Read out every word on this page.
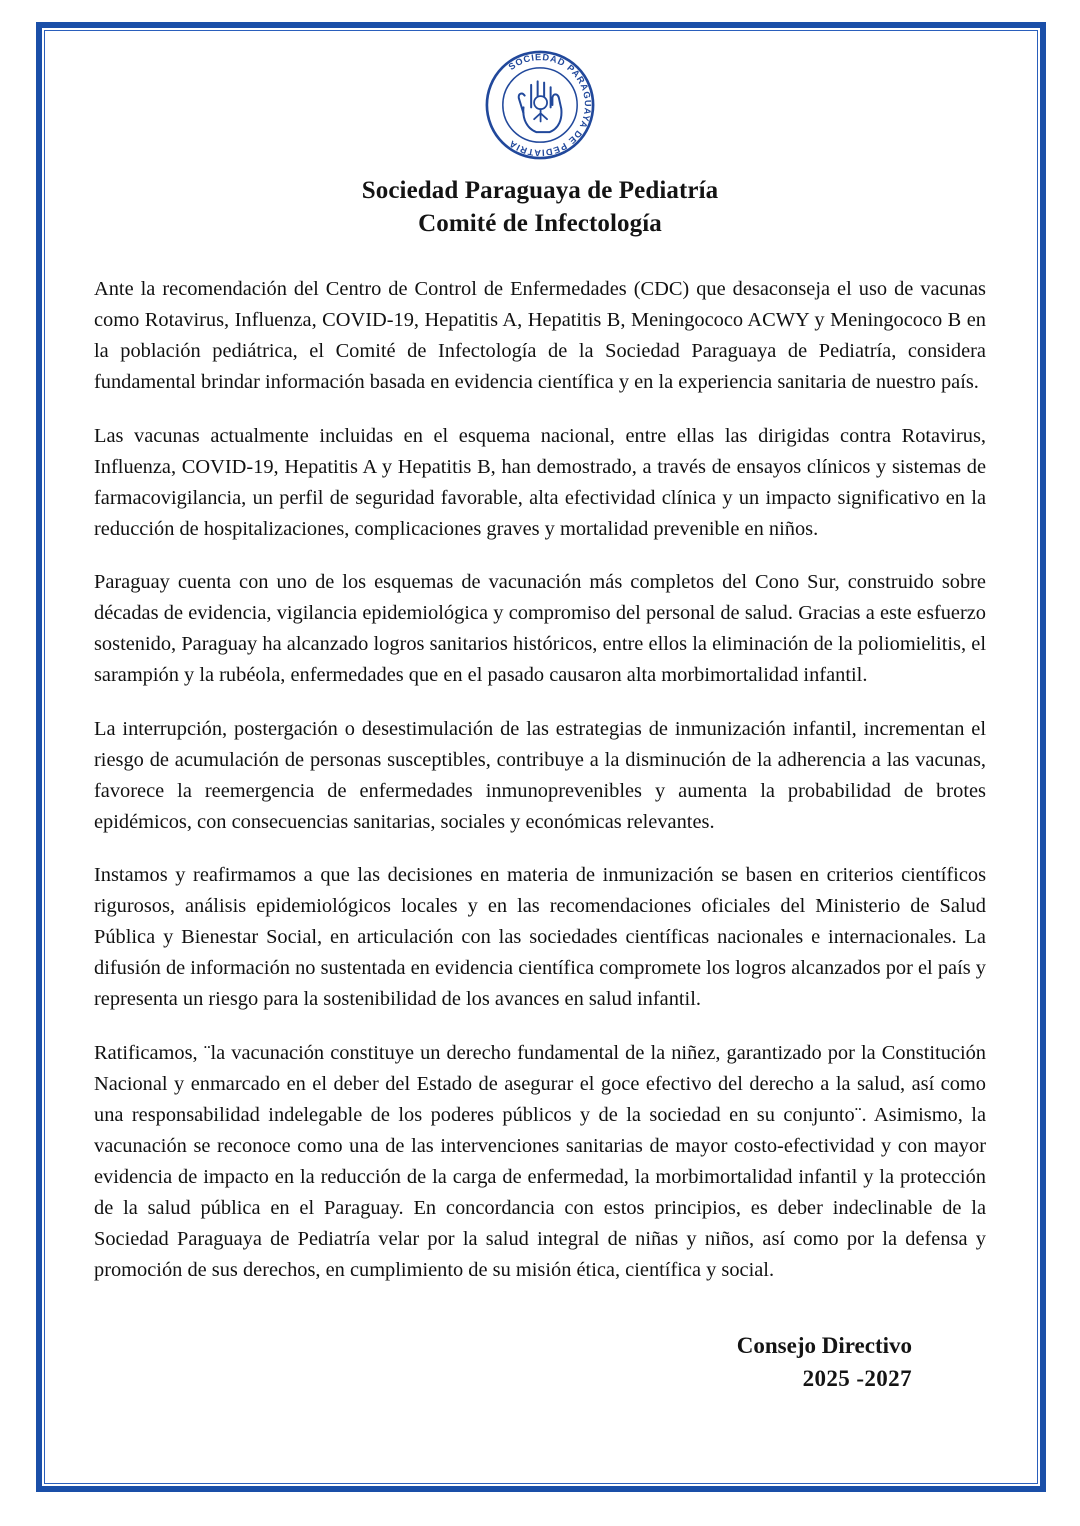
SOCIEDAD PARAGUAYA DE PEDIATRIA
Sociedad Paraguaya de Pediatría
Comité de Infectología

Ante la recomendación del Centro de Control de Enfermedades (CDC) que desaconseja el uso de vacunas como Rotavirus, Influenza, COVID-19, Hepatitis A, Hepatitis B, Meningococo ACWY y Meningococo B en la población pediátrica, el Comité de Infectología de la Sociedad Paraguaya de Pediatría, considera fundamental brindar información basada en evidencia científica y en la experiencia sanitaria de nuestro país.

Las vacunas actualmente incluidas en el esquema nacional, entre ellas las dirigidas contra Rotavirus, Influenza, COVID-19, Hepatitis A y Hepatitis B, han demostrado, a través de ensayos clínicos y sistemas de farmacovigilancia, un perfil de seguridad favorable, alta efectividad clínica y un impacto significativo en la reducción de hospitalizaciones, complicaciones graves y mortalidad prevenible en niños.

Paraguay cuenta con uno de los esquemas de vacunación más completos del Cono Sur, construido sobre décadas de evidencia, vigilancia epidemiológica y compromiso del personal de salud. Gracias a este esfuerzo sostenido, Paraguay ha alcanzado logros sanitarios históricos, entre ellos la eliminación de la poliomielitis, el sarampión y la rubéola, enfermedades que en el pasado causaron alta morbimortalidad infantil.

La interrupción, postergación o desestimulación de las estrategias de inmunización infantil, incrementan el riesgo de acumulación de personas susceptibles, contribuye a la disminución de la adherencia a las vacunas, favorece la reemergencia de enfermedades inmunoprevenibles y aumenta la probabilidad de brotes epidémicos, con consecuencias sanitarias, sociales y económicas relevantes.

Instamos y reafirmamos a que las decisiones en materia de inmunización se basen en criterios científicos rigurosos, análisis epidemiológicos locales y en las recomendaciones oficiales del Ministerio de Salud Pública y Bienestar Social, en articulación con las sociedades científicas nacionales e internacionales. La difusión de información no sustentada en evidencia científica compromete los logros alcanzados por el país y representa un riesgo para la sostenibilidad de los avances en salud infantil.

Ratificamos, ¨la vacunación constituye un derecho fundamental de la niñez, garantizado por la Constitución Nacional y enmarcado en el deber del Estado de asegurar el goce efectivo del derecho a la salud, así como una responsabilidad indelegable de los poderes públicos y de la sociedad en su conjunto¨. Asimismo, la vacunación se reconoce como una de las intervenciones sanitarias de mayor costo-efectividad y con mayor evidencia de impacto en la reducción de la carga de enfermedad, la morbimortalidad infantil y la protección de la salud pública en el Paraguay. En concordancia con estos principios, es deber indeclinable de la Sociedad Paraguaya de Pediatría velar por la salud integral de niñas y niños, así como por la defensa y promoción de sus derechos, en cumplimiento de su misión ética, científica y social.

Consejo Directivo
2025 -2027
